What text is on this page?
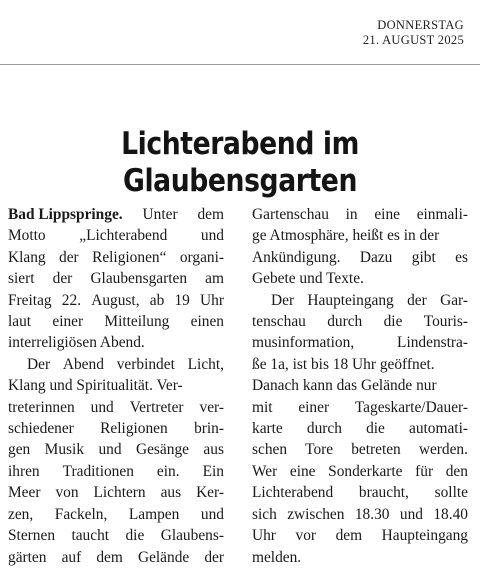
DONNERSTAG
21. AUGUST 2025
Lichterabend im
Glaubensgarten
Bad Lippspringe. Unter dem
Motto „Lichterabend und
Klang der Religionen“ organi-
siert der Glaubensgarten am
Freitag 22. August, ab 19 Uhr
laut einer Mitteilung einen
interreligiösen Abend.
Der Abend verbindet Licht,
Klang und Spiritualität. Ver-
treterinnen und Vertreter ver-
schiedener Religionen brin-
gen Musik und Gesänge aus
ihren Traditionen ein. Ein
Meer von Lichtern aus Ker-
zen, Fackeln, Lampen und
Sternen taucht die Glaubens-
gärten auf dem Gelände der
Gartenschau in eine einmali-
ge Atmosphäre, heißt es in der
Ankündigung. Dazu gibt es
Gebete und Texte.
Der Haupteingang der Gar-
tenschau durch die Touris-
musinformation,	Lindenstra-
ße 1a, ist bis 18 Uhr geöffnet.
Danach kann das Gelände nur
mit einer Tageskarte/Dauer-
karte durch die automati-
schen Tore betreten werden.
Wer eine Sonderkarte für den
Lichterabend braucht, sollte
sich zwischen 18.30 und 18.40
Uhr vor dem Haupteingang
melden.
